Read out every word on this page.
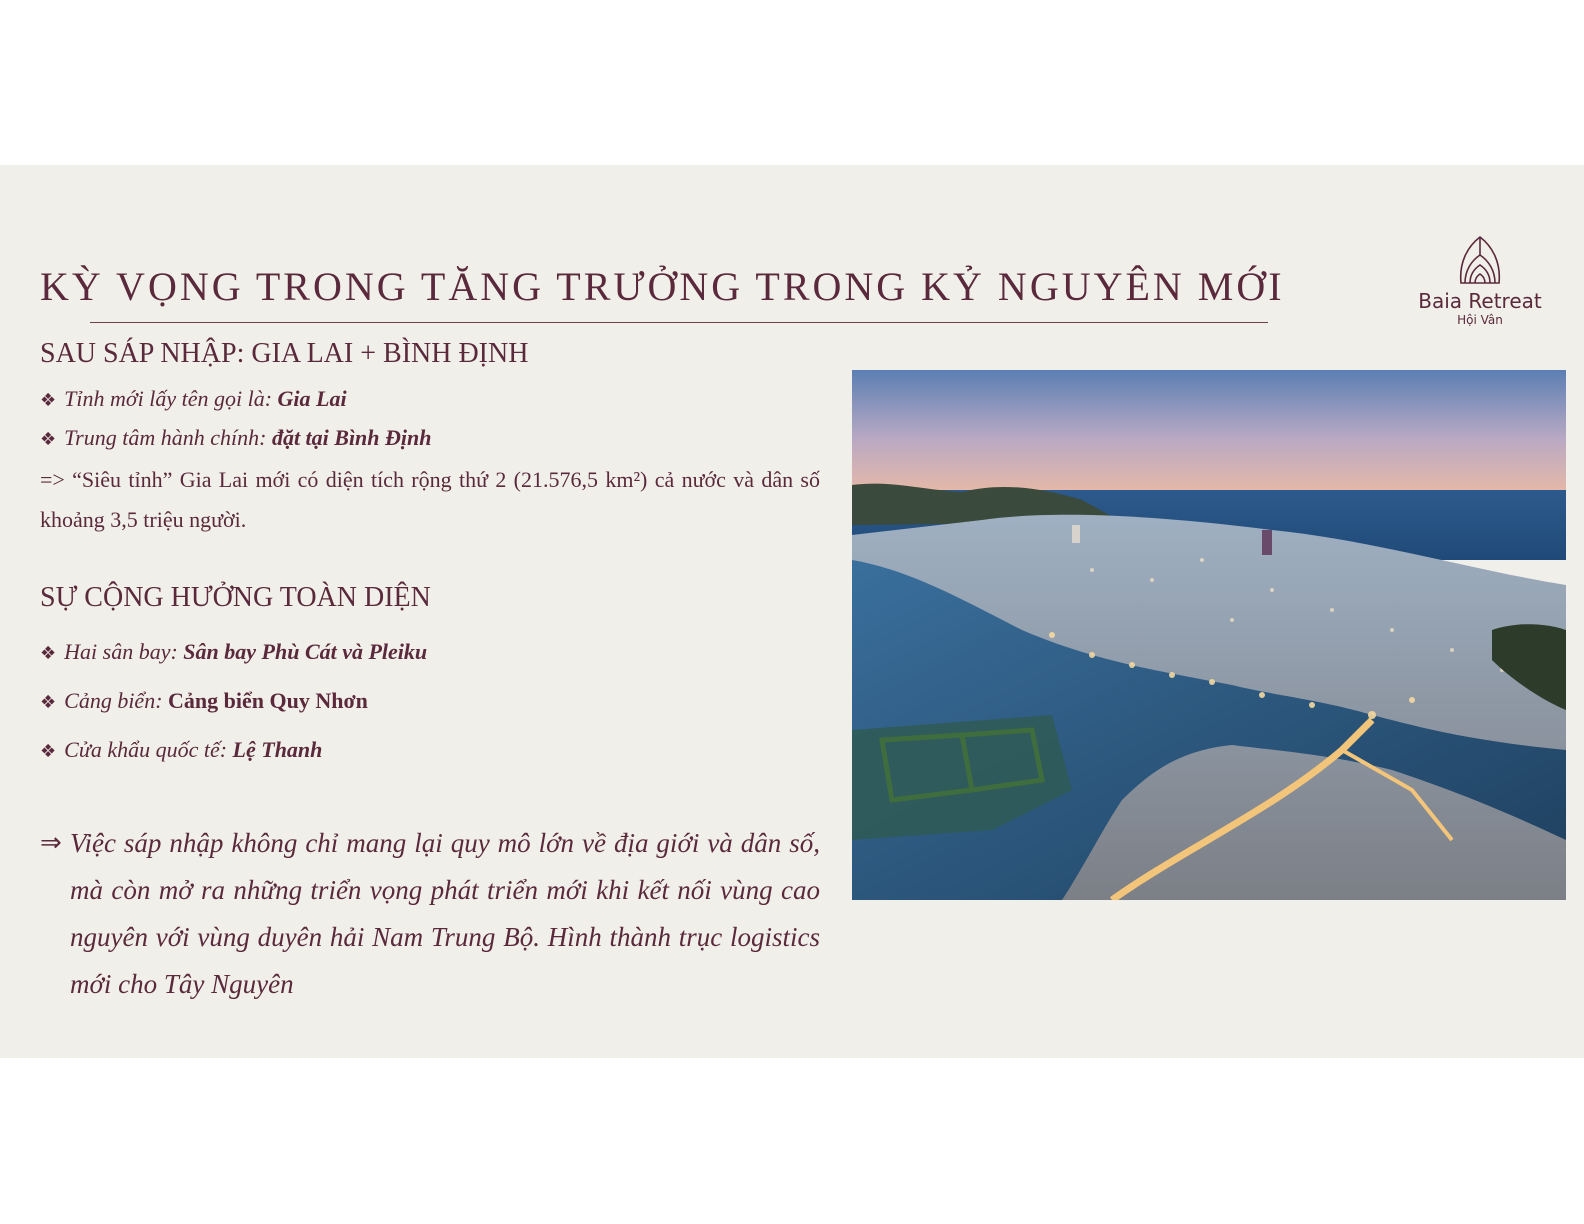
KỲ VỌNG TRONG TĂNG TRƯỞNG TRONG KỶ NGUYÊN MỚI	Baia Retreat
Hội Vân
SAU SÁP NHẬP: GIA LAI + BÌNH ĐỊNH
❖ Tỉnh mới lấy tên gọi là: Gia Lai
❖ Trung tâm hành chính: đặt tại Bình Định
=> “Siêu tỉnh” Gia Lai mới có diện tích rộng thứ 2 (21.576,5 km²) cả nước và dân số khoảng 3,5 triệu người.
SỰ CỘNG HƯỞNG TOÀN DIỆN
❖ Hai sân bay: Sân bay Phù Cát và Pleiku
❖ Cảng biển: Cảng biển Quy Nhơn
❖ Cửa khẩu quốc tế: Lệ Thanh
⇒ Việc sáp nhập không chỉ mang lại quy mô lớn về địa giới và dân số, mà còn mở ra những triển vọng phát triển mới khi kết nối vùng cao nguyên với vùng duyên hải Nam Trung Bộ. Hình thành trục logistics mới cho Tây Nguyên
